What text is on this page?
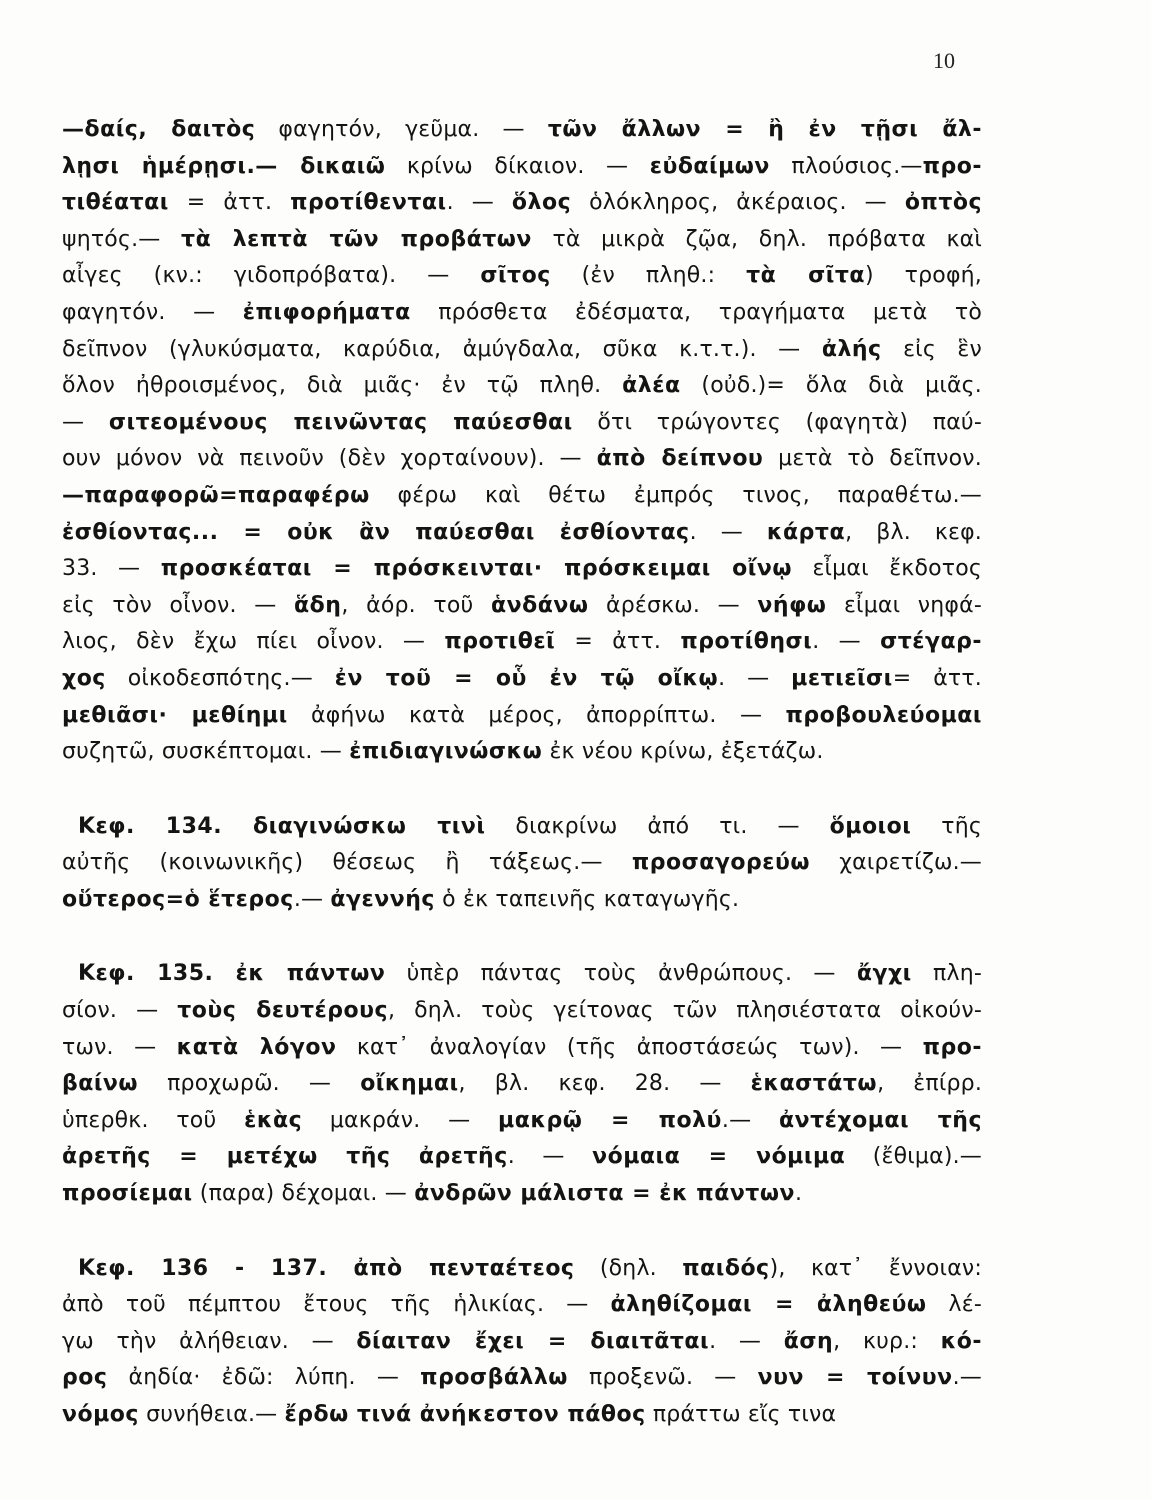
10
—δαίς, δαιτὸς φαγητόν, γεῦμα. — τῶν ἄλλων = ἢ ἐν τῇσι ἄλ-
λῃσι ἡμέρῃσι.— δικαιῶ κρίνω δίκαιον. — εὐδαίμων πλούσιος.—προ-
τιθέαται = ἀττ. προτίθενται. — ὅλος ὁλόκληρος, ἀκέραιος. — ὀπτὸς
ψητός.— τὰ λεπτὰ τῶν προβάτων τὰ μικρὰ ζῷα, δηλ. πρόβατα καὶ
αἶγες (κν.: γιδοπρόβατα). — σῖτος (ἐν πληθ.: τὰ σῖτα) τροφή,
φαγητόν. — ἐπιφορήματα πρόσθετα ἐδέσματα, τραγήματα μετὰ τὸ
δεῖπνον (γλυκύσματα, καρύδια, ἀμύγδαλα, σῦκα κ.τ.τ.). — ἀλής εἰς ἓν
ὅλον ἠθροισμένος, διὰ μιᾶς· ἐν τῷ πληθ. ἀλέα (οὐδ.)= ὅλα διὰ μιᾶς.
— σιτεομένους πεινῶντας παύεσθαι ὅτι τρώγοντες (φαγητὰ) παύ-
ουν μόνον νὰ πεινοῦν (δὲν χορταίνουν). — ἀπὸ δείπνου μετὰ τὸ δεῖπνον.
—παραφορῶ=παραφέρω φέρω καὶ θέτω ἐμπρός τινος, παραθέτω.—
ἐσθίοντας... = οὐκ ἂν παύεσθαι ἐσθίοντας. — κάρτα, βλ. κεφ.
33. — προσκέαται = πρόσκεινται· πρόσκειμαι οἴνῳ εἶμαι ἔκδοτος
εἰς τὸν οἶνον. — ἅδη, ἀόρ. τοῦ ἁνδάνω ἀρέσκω. — νήφω εἶμαι νηφά-
λιος, δὲν ἔχω πίει οἶνον. — προτιθεῖ = ἀττ. προτίθησι. — στέγαρ-
χος οἰκοδεσπότης.— ἐν τοῦ = οὗ ἐν τῷ οἴκῳ. — μετιεῖσι= ἀττ.
μεθιᾶσι· μεθίημι ἀφήνω κατὰ μέρος, ἀπορρίπτω. — προβουλεύομαι
συζητῶ, συσκέπτομαι. — ἐπιδιαγινώσκω ἐκ νέου κρίνω, ἐξετάζω.
Κεφ. 134. διαγινώσκω τινὶ διακρίνω ἀπό τι. — ὅμοιοι τῆς
αὐτῆς (κοινωνικῆς) θέσεως ἢ τάξεως.— προσαγορεύω χαιρετίζω.—
οὕτερος=ὁ ἕτερος.— ἀγεννής ὁ ἐκ ταπεινῆς καταγωγῆς.
Κεφ. 135. ἐκ πάντων ὑπὲρ πάντας τοὺς ἀνθρώπους. — ἄγχι πλη-
σίον. — τοὺς δευτέρους, δηλ. τοὺς γείτονας τῶν πλησιέστατα οἰκούν-
των. — κατὰ λόγον κατ᾽ ἀναλογίαν (τῆς ἀποστάσεώς των). — προ-
βαίνω προχωρῶ. — οἴκημαι, βλ. κεφ. 28. — ἑκαστάτω, ἐπίρρ.
ὑπερθκ. τοῦ ἑκὰς μακράν. — μακρῷ = πολύ.— ἀντέχομαι τῆς
ἀρετῆς = μετέχω τῆς ἀρετῆς. — νόμαια = νόμιμα (ἔθιμα).—
προσίεμαι (παρα) δέχομαι. — ἀνδρῶν μάλιστα = ἐκ πάντων.
Κεφ. 136 - 137. ἀπὸ πενταέτεος (δηλ. παιδός), κατ᾽ ἔννοιαν:
ἀπὸ τοῦ πέμπτου ἔτους τῆς ἡλικίας. — ἀληθίζομαι = ἀληθεύω λέ-
γω τὴν ἀλήθειαν. — δίαιταν ἔχει = διαιτᾶται. — ἄση, κυρ.: κό-
ρος ἀηδία· ἐδῶ: λύπη. — προσβάλλω προξενῶ. — νυν = τοίνυν.—
νόμος συνήθεια.— ἔρδω τινά ἀνήκεστον πάθος πράττω εἴς τινα
